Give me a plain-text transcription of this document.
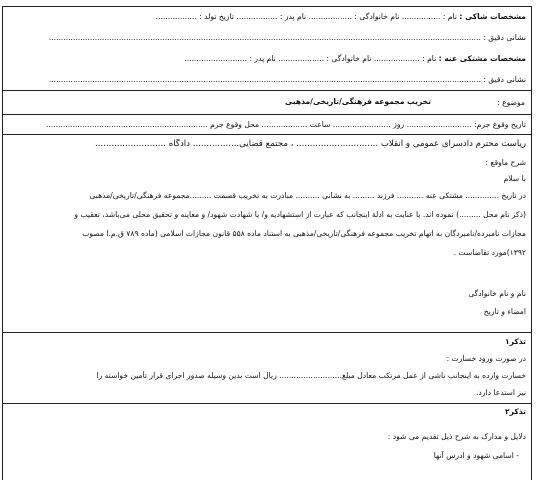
مشخصات شاکی : نام : ................ نام خانوادگی : .................. نام پدر : ................. تاریخ تولد : .................
نشانی دقیق : ...................................................................................................................................................................................
مشخصات مشتکی عنه : نام : ................... نام خانوادگی : ................... نام پدر : ..........................
نشانی دقیق : ...................................................................................................................................................................................
موضوع :
تخریب مجموعه فرهنگی/تاریخی/مذهبی
تاریخ وقوع جرم: ........................... روز ........................ ساعت ................... محل وقوع جرم ...................................................................
ریاست محترم دادسرای عمومی و انقلاب .............................. ، مجتمع قضایی................. دادگاه ..........................
شرح ماوقع :
با سلام
در تاریخ .............. مشتکی عنه ........... فرزند ......... به نشانی .......... مبادرت به تخریب قسمت .........مجموعه فرهنگی/تاریخی/مذهبی
(ذکر نام محل .........) نموده اند. با عنایت به ادلهٔ اینجانب که عبارت از استشهادیه و/ یا شهادت شهود/ و معاینه و تحقیق محلی می‌باشد، تعقیب و
مجازات نامبرده/نامبردگان به اتهام تخریب مجموعه فرهنگی/تاریخی/مذهبی به استناد ماده ۵۵۸ قانون مجازات اسلامی (ماده ۷۸۹ ق.م.ا مصوب
۱۳۹۲)مورد تقاضاست .
نام و نام خانوادگی
امضاء و تاریخ
تذکر۱
در صورت ورود خسارت :
خسارت وارده به اینجانب ناشی از عمل مرتکب معادل مبلغ.......................... ریال است بدین وسیله صدور اجرای قرار تأمین خواسته را
نیز استدعا دارد.
تذکر۲
دلایل و مدارک به شرح ذیل تقدیم می شود :
- اسامی شهود و ادرس آنها
